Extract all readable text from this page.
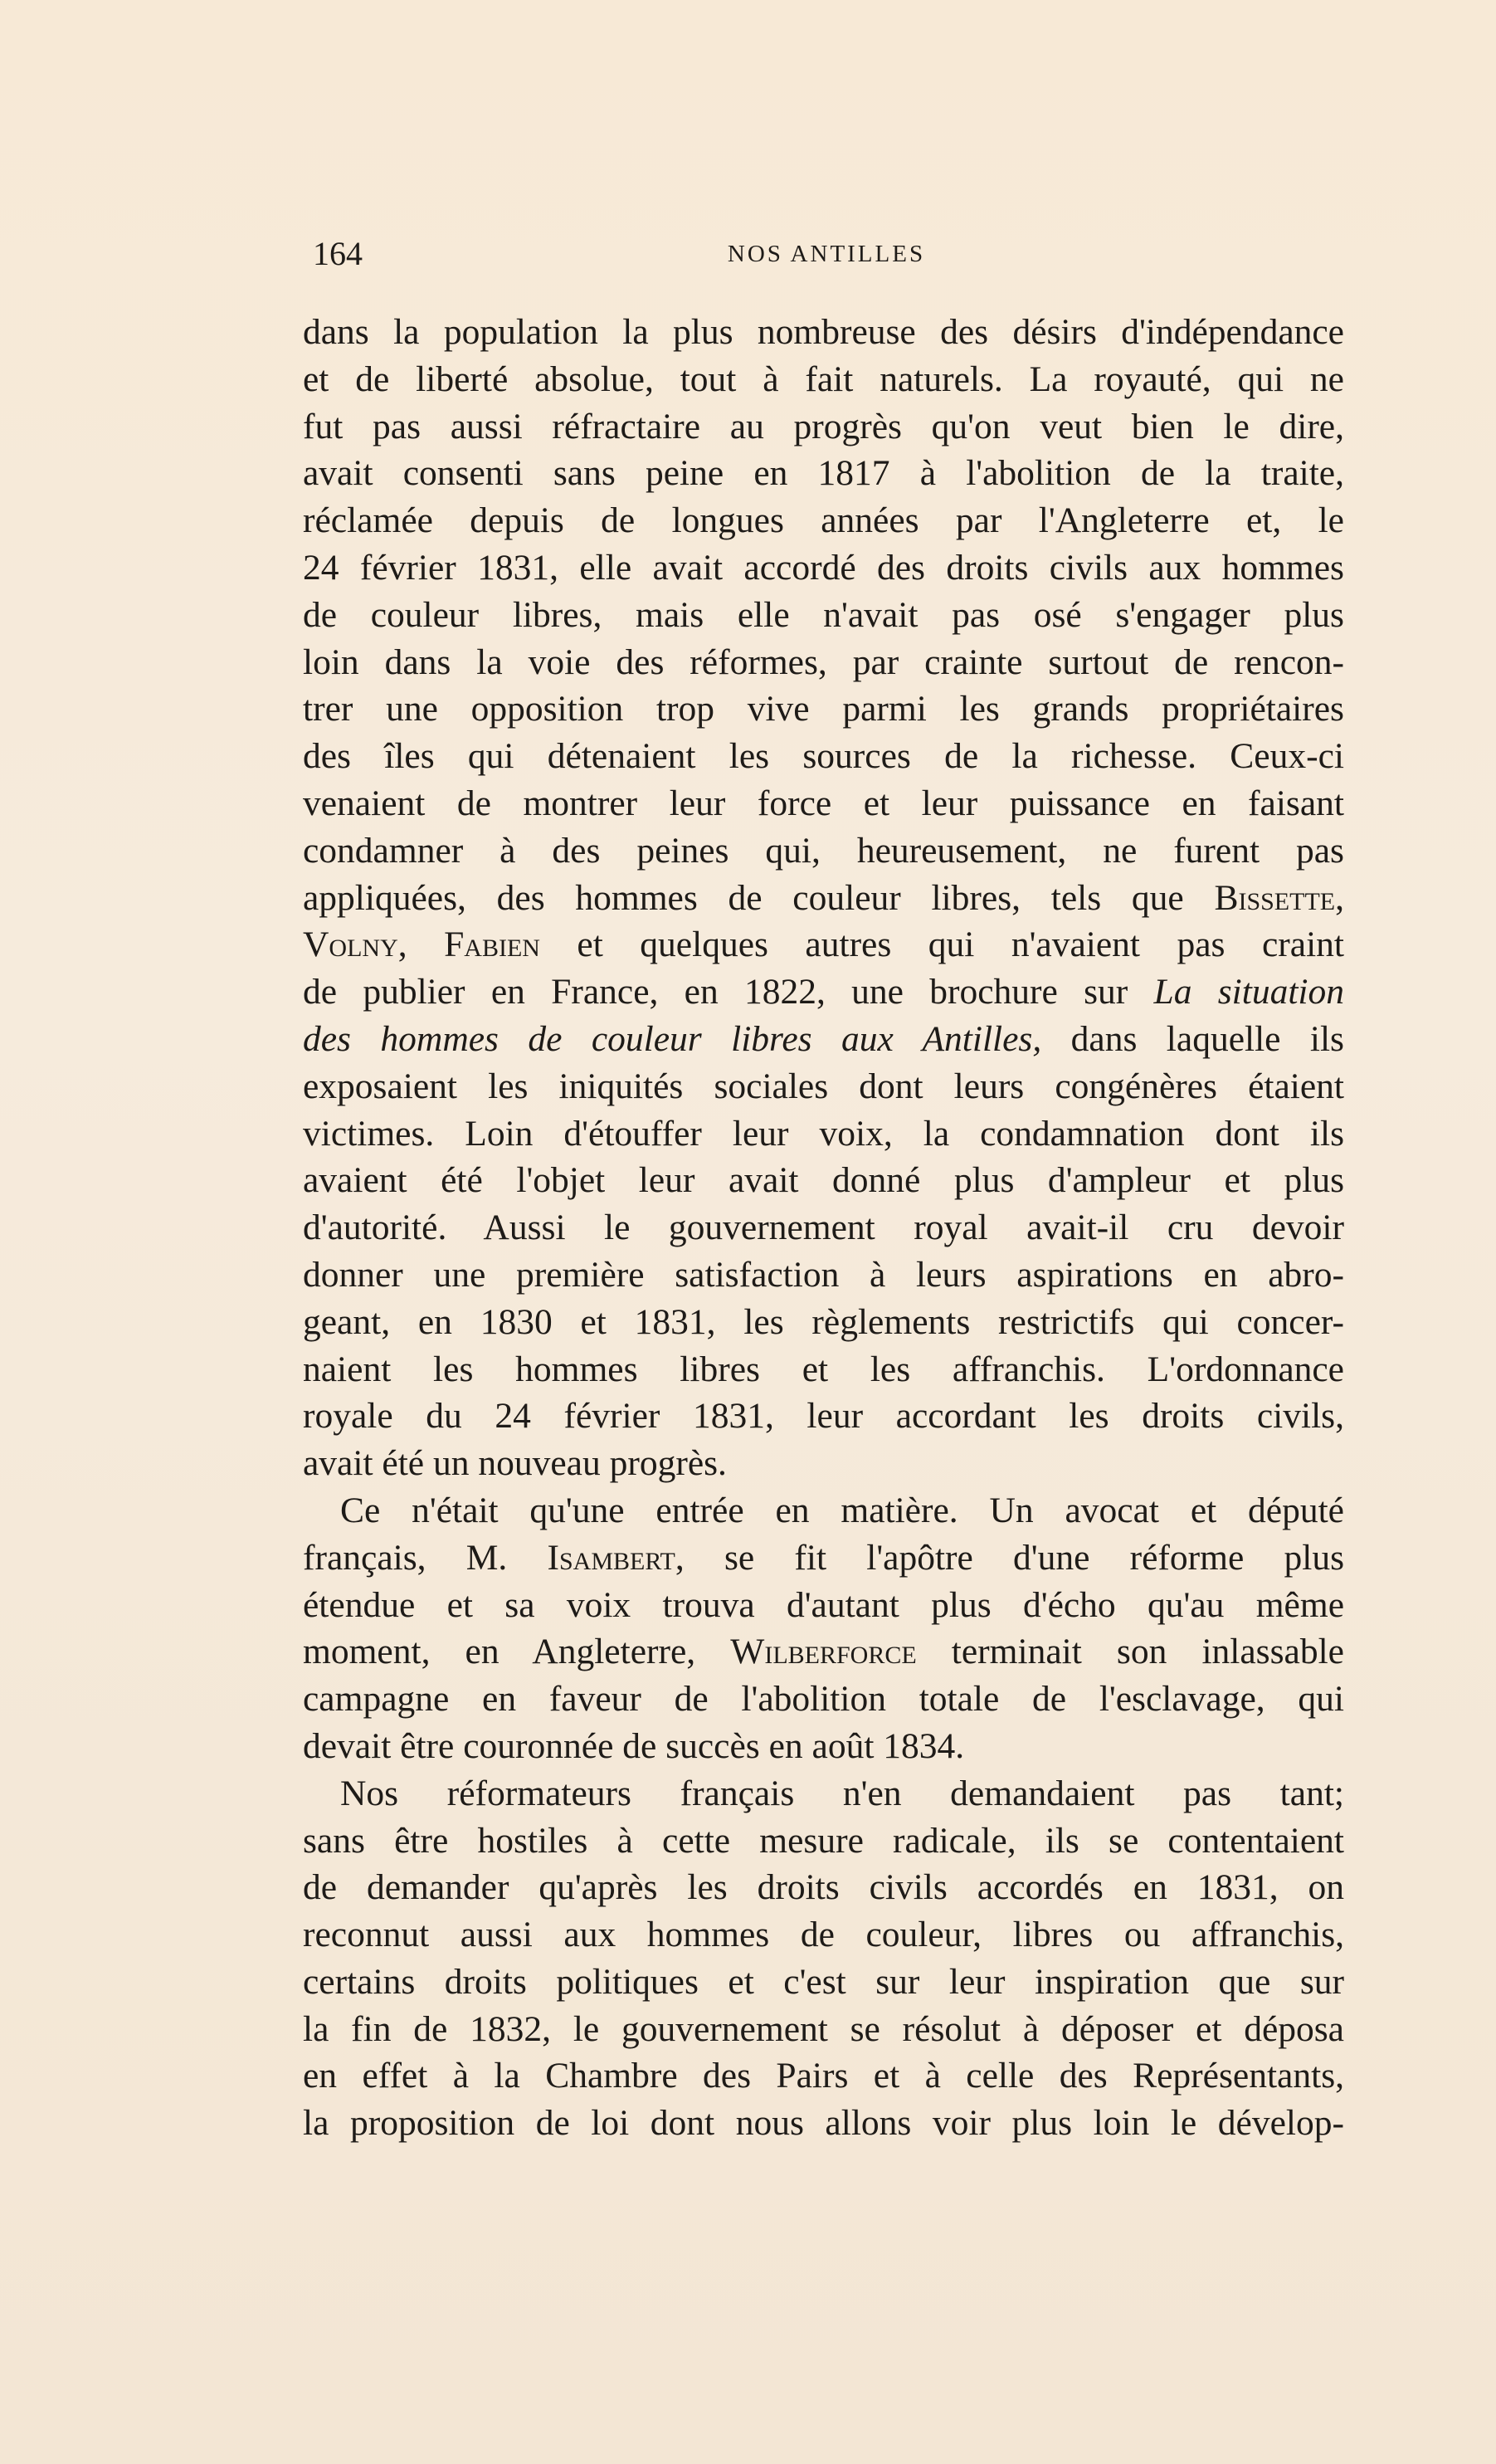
164	NOS ANTILLES
dans la population la plus nombreuse des désirs d'indépendance
et de liberté absolue, tout à fait naturels. La royauté, qui ne
fut pas aussi réfractaire au progrès qu'on veut bien le dire,
avait consenti sans peine en 1817 à l'abolition de la traite,
réclamée depuis de longues années par l'Angleterre et, le
24 février 1831, elle avait accordé des droits civils aux hommes
de couleur libres, mais elle n'avait pas osé s'engager plus
loin dans la voie des réformes, par crainte surtout de rencon-
trer une opposition trop vive parmi les grands propriétaires
des îles qui détenaient les sources de la richesse. Ceux-ci
venaient de montrer leur force et leur puissance en faisant
condamner à des peines qui, heureusement, ne furent pas
appliquées, des hommes de couleur libres, tels que Bissette,
Volny, Fabien et quelques autres qui n'avaient pas craint
de publier en France, en 1822, une brochure sur La situation
des hommes de couleur libres aux Antilles, dans laquelle ils
exposaient les iniquités sociales dont leurs congénères étaient
victimes. Loin d'étouffer leur voix, la condamnation dont ils
avaient été l'objet leur avait donné plus d'ampleur et plus
d'autorité. Aussi le gouvernement royal avait-il cru devoir
donner une première satisfaction à leurs aspirations en abro-
geant, en 1830 et 1831, les règlements restrictifs qui concer-
naient les hommes libres et les affranchis. L'ordonnance
royale du 24 février 1831, leur accordant les droits civils,
avait été un nouveau progrès.
Ce n'était qu'une entrée en matière. Un avocat et député
français, M. Isambert, se fit l'apôtre d'une réforme plus
étendue et sa voix trouva d'autant plus d'écho qu'au même
moment, en Angleterre, Wilberforce terminait son inlassable
campagne en faveur de l'abolition totale de l'esclavage, qui
devait être couronnée de succès en août 1834.
Nos réformateurs français n'en demandaient pas tant;
sans être hostiles à cette mesure radicale, ils se contentaient
de demander qu'après les droits civils accordés en 1831, on
reconnut aussi aux hommes de couleur, libres ou affranchis,
certains droits politiques et c'est sur leur inspiration que sur
la fin de 1832, le gouvernement se résolut à déposer et déposa
en effet à la Chambre des Pairs et à celle des Représentants,
la proposition de loi dont nous allons voir plus loin le dévelop-
